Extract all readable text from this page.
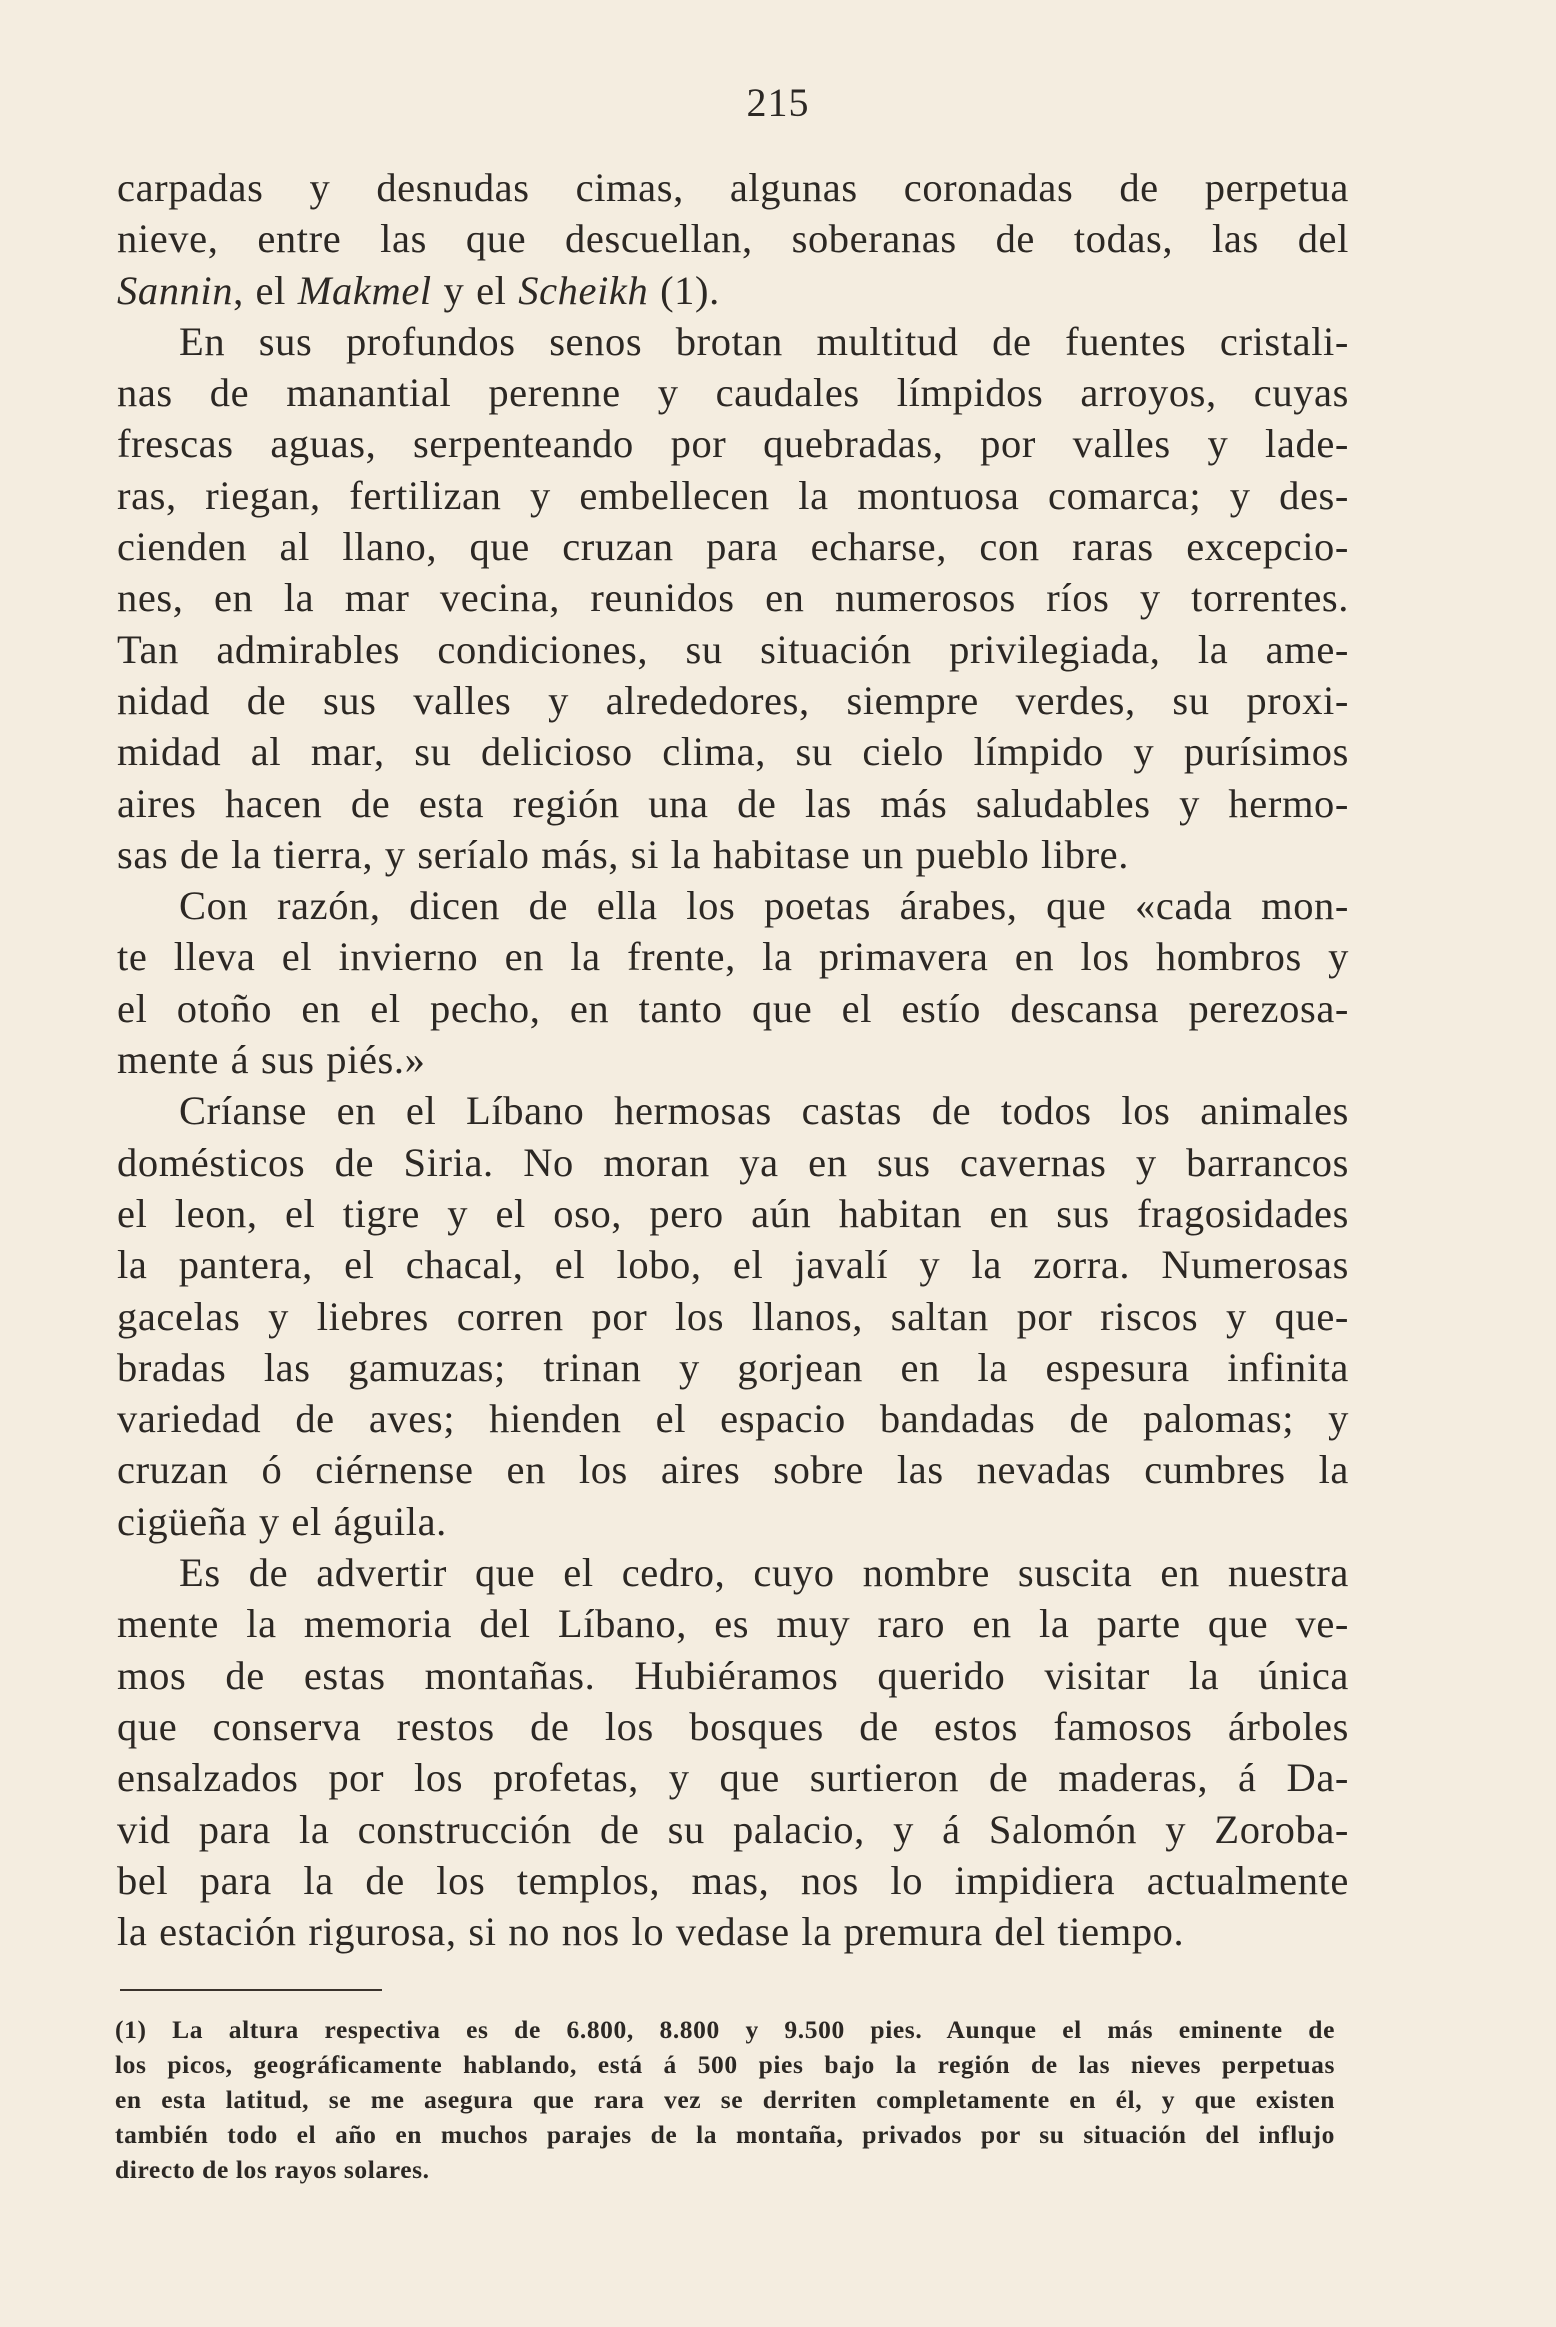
215
carpadas y desnudas cimas, algunas coronadas de perpetua
nieve, entre las que descuellan, soberanas de todas, las del
Sannin, el Makmel y el Scheikh (1).
En sus profundos senos brotan multitud de fuentes cristali-
nas de manantial perenne y caudales límpidos arroyos, cuyas
frescas aguas, serpenteando por quebradas, por valles y lade-
ras, riegan, fertilizan y embellecen la montuosa comarca; y des-
cienden al llano, que cruzan para echarse, con raras excepcio-
nes, en la mar vecina, reunidos en numerosos ríos y torrentes.
Tan admirables condiciones, su situación privilegiada, la ame-
nidad de sus valles y alrededores, siempre verdes, su proxi-
midad al mar, su delicioso clima, su cielo límpido y purísimos
aires hacen de esta región una de las más saludables y hermo-
sas de la tierra, y seríalo más, si la habitase un pueblo libre.
Con razón, dicen de ella los poetas árabes, que «cada mon-
te lleva el invierno en la frente, la primavera en los hombros y
el otoño en el pecho, en tanto que el estío descansa perezosa-
mente á sus piés.»
Críanse en el Líbano hermosas castas de todos los animales
domésticos de Siria. No moran ya en sus cavernas y barrancos
el leon, el tigre y el oso, pero aún habitan en sus fragosidades
la pantera, el chacal, el lobo, el javalí y la zorra. Numerosas
gacelas y liebres corren por los llanos, saltan por riscos y que-
bradas las gamuzas; trinan y gorjean en la espesura infinita
variedad de aves; hienden el espacio bandadas de palomas; y
cruzan ó ciérnense en los aires sobre las nevadas cumbres la
cigüeña y el águila.
Es de advertir que el cedro, cuyo nombre suscita en nuestra
mente la memoria del Líbano, es muy raro en la parte que ve-
mos de estas montañas. Hubiéramos querido visitar la única
que conserva restos de los bosques de estos famosos árboles
ensalzados por los profetas, y que surtieron de maderas, á Da-
vid para la construcción de su palacio, y á Salomón y Zoroba-
bel para la de los templos, mas, nos lo impidiera actualmente
la estación rigurosa, si no nos lo vedase la premura del tiempo.
(1) La altura respectiva es de 6.800, 8.800 y 9.500 pies. Aunque el más eminente de
los picos, geográficamente hablando, está á 500 pies bajo la región de las nieves perpetuas
en esta latitud, se me asegura que rara vez se derriten completamente en él, y que existen
también todo el año en muchos parajes de la montaña, privados por su situación del influjo
directo de los rayos solares.
